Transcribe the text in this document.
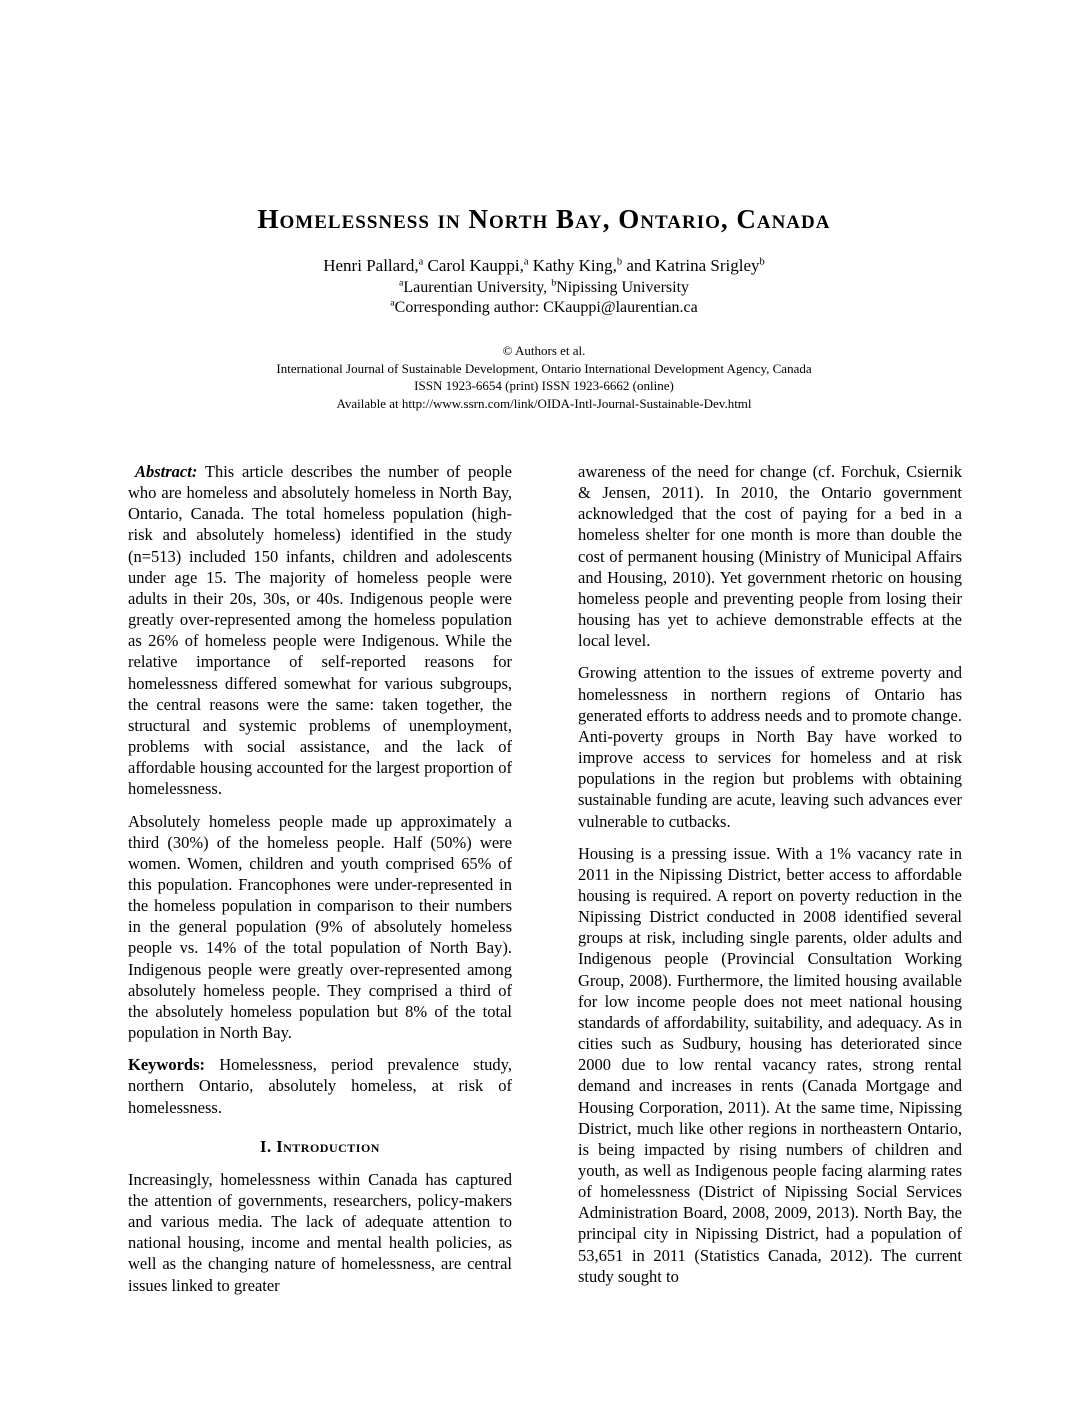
Homelessness in North Bay, Ontario, Canada

Henri Pallard,$^a$ Carol Kauppi,$^a$ Kathy King,$^b$ and Katrina Srigley$^b$

$^a$Laurentian University, $^b$Nipissing University

$^a$Corresponding author: CKauppi@laurentian.ca

© Authors et al.
International Journal of Sustainable Development, Ontario International Development Agency, Canada
ISSN 1923-6654 (print) ISSN 1923-6662 (online)
Available at http://www.ssrn.com/link/OIDA-Intl-Journal-Sustainable-Dev.html

Abstract: This article describes the number of people who are homeless and absolutely homeless in North Bay, Ontario, Canada. The total homeless population (high-risk and absolutely homeless) identified in the study (n=513) included 150 infants, children and adolescents under age 15. The majority of homeless people were adults in their 20s, 30s, or 40s. Indigenous people were greatly over-represented among the homeless population as 26% of homeless people were Indigenous. While the relative importance of self-reported reasons for homelessness differed somewhat for various subgroups, the central reasons were the same: taken together, the structural and systemic problems of unemployment, problems with social assistance, and the lack of affordable housing accounted for the largest proportion of homelessness.

Absolutely homeless people made up approximately a third (30%) of the homeless people. Half (50%) were women. Women, children and youth comprised 65% of this population. Francophones were under-represented in the homeless population in comparison to their numbers in the general population (9% of absolutely homeless people vs. 14% of the total population of North Bay). Indigenous people were greatly over-represented among absolutely homeless people. They comprised a third of the absolutely homeless population but 8% of the total population in North Bay.

Keywords: Homelessness, period prevalence study, northern Ontario, absolutely homeless, at risk of homelessness.

I. Introduction

Increasingly, homelessness within Canada has captured the attention of governments, researchers, policy-makers and various media. The lack of adequate attention to national housing, income and mental health policies, as well as the changing nature of homelessness, are central issues linked to greater

awareness of the need for change (cf. Forchuk, Csiernik & Jensen, 2011). In 2010, the Ontario government acknowledged that the cost of paying for a bed in a homeless shelter for one month is more than double the cost of permanent housing (Ministry of Municipal Affairs and Housing, 2010). Yet government rhetoric on housing homeless people and preventing people from losing their housing has yet to achieve demonstrable effects at the local level.

Growing attention to the issues of extreme poverty and homelessness in northern regions of Ontario has generated efforts to address needs and to promote change. Anti-poverty groups in North Bay have worked to improve access to services for homeless and at risk populations in the region but problems with obtaining sustainable funding are acute, leaving such advances ever vulnerable to cutbacks.

Housing is a pressing issue. With a 1% vacancy rate in 2011 in the Nipissing District, better access to affordable housing is required. A report on poverty reduction in the Nipissing District conducted in 2008 identified several groups at risk, including single parents, older adults and Indigenous people (Provincial Consultation Working Group, 2008). Furthermore, the limited housing available for low income people does not meet national housing standards of affordability, suitability, and adequacy. As in cities such as Sudbury, housing has deteriorated since 2000 due to low rental vacancy rates, strong rental demand and increases in rents (Canada Mortgage and Housing Corporation, 2011). At the same time, Nipissing District, much like other regions in northeastern Ontario, is being impacted by rising numbers of children and youth, as well as Indigenous people facing alarming rates of homelessness (District of Nipissing Social Services Administration Board, 2008, 2009, 2013). North Bay, the principal city in Nipissing District, had a population of 53,651 in 2011 (Statistics Canada, 2012). The current study sought to
